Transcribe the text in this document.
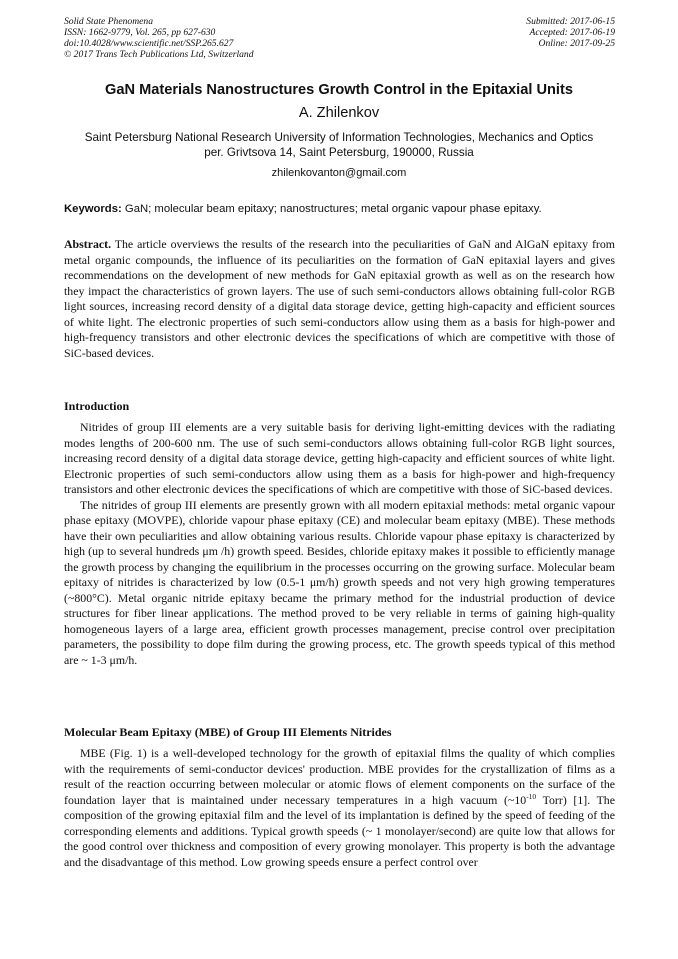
Solid State Phenomena
ISSN: 1662-9779, Vol. 265, pp 627-630
doi:10.4028/www.scientific.net/SSP.265.627
© 2017 Trans Tech Publications Ltd, Switzerland
Submitted: 2017-06-15
Accepted: 2017-06-19
Online: 2017-09-25
GaN Materials Nanostructures Growth Control in the Epitaxial Units
A. Zhilenkov
Saint Petersburg National Research University of Information Technologies, Mechanics and Optics
per. Grivtsova 14, Saint Petersburg, 190000, Russia
zhilenkovanton@gmail.com
Keywords: GaN; molecular beam epitaxy; nanostructures; metal organic vapour phase epitaxy.

Abstract. The article overviews the results of the research into the peculiarities of GaN and AlGaN epitaxy from metal organic compounds, the influence of its peculiarities on the formation of GaN epitaxial layers and gives recommendations on the development of new methods for GaN epitaxial growth as well as on the research how they impact the characteristics of grown layers. The use of such semi-conductors allows obtaining full-color RGB light sources, increasing record density of a digital data storage device, getting high-capacity and efficient sources of white light. The electronic properties of such semi-conductors allow using them as a basis for high-power and high-frequency transistors and other electronic devices the specifications of which are competitive with those of SiC-based devices.

Introduction

Nitrides of group III elements are a very suitable basis for deriving light-emitting devices with the radiating modes lengths of 200-600 nm. The use of such semi-conductors allows obtaining full-color RGB light sources, increasing record density of a digital data storage device, getting high-capacity and efficient sources of white light. Electronic properties of such semi-conductors allow using them as a basis for high-power and high-frequency transistors and other electronic devices the specifications of which are competitive with those of SiC-based devices.

The nitrides of group III elements are presently grown with all modern epitaxial methods: metal organic vapour phase epitaxy (MOVPE), chloride vapour phase epitaxy (CE) and molecular beam epitaxy (MBE). These methods have their own peculiarities and allow obtaining various results. Chloride vapour phase epitaxy is characterized by high (up to several hundreds μm /h) growth speed. Besides, chloride epitaxy makes it possible to efficiently manage the growth process by changing the equilibrium in the processes occurring on the growing surface. Molecular beam epitaxy of nitrides is characterized by low (0.5-1 μm/h) growth speeds and not very high growing temperatures (~800°C). Metal organic nitride epitaxy became the primary method for the industrial production of device structures for fiber linear applications. The method proved to be very reliable in terms of gaining high-quality homogeneous layers of a large area, efficient growth processes management, precise control over precipitation parameters, the possibility to dope film during the growing process, etc. The growth speeds typical of this method are ~ 1-3 μm/h.

Molecular Beam Epitaxy (MBE) of Group III Elements Nitrides

MBE (Fig. 1) is a well-developed technology for the growth of epitaxial films the quality of which complies with the requirements of semi-conductor devices' production. MBE provides for the crystallization of films as a result of the reaction occurring between molecular or atomic flows of element components on the surface of the foundation layer that is maintained under necessary temperatures in a high vacuum ($\sim 10^{-10}$ Torr) [1]. The composition of the growing epitaxial film and the level of its implantation is defined by the speed of feeding of the corresponding elements and additions. Typical growth speeds (~ 1 monolayer/second) are quite low that allows for the good control over thickness and composition of every growing monolayer. This property is both the advantage and the disadvantage of this method. Low growing speeds ensure a perfect control over
